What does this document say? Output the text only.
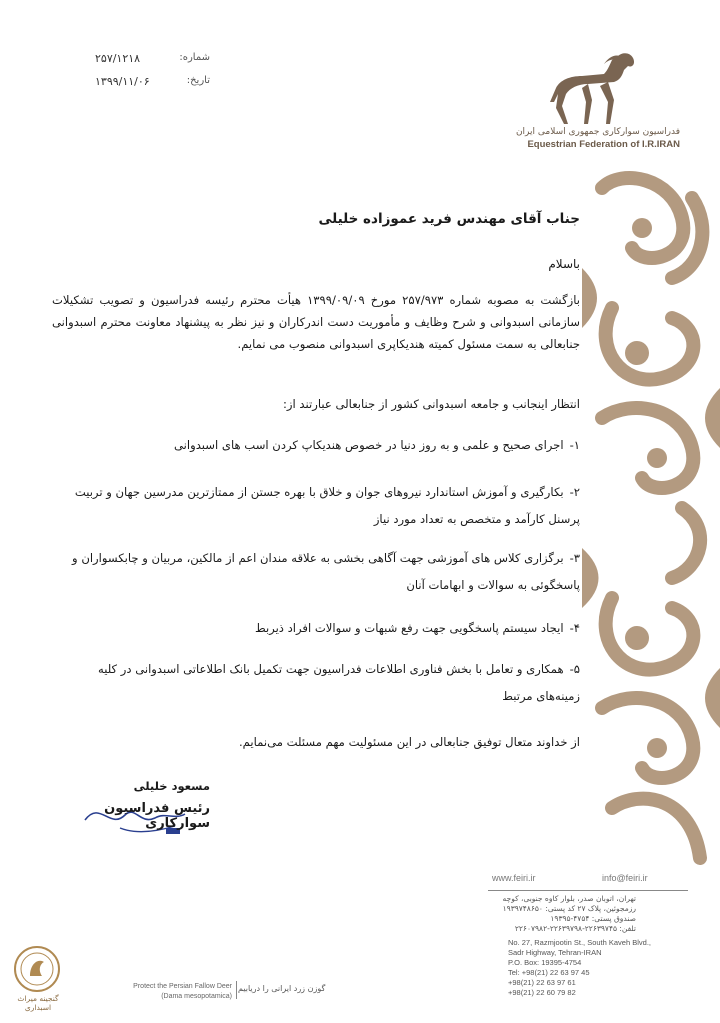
۲۵۷/۱۲۱۸	شماره:
۱۳۹۹/۱۱/۰۶	تاریخ:
فدراسیون سوارکاری جمهوری اسلامی ایران
Equestrian Federation of I.R.IRAN
جناب آقای مهندس فرید عموزاده خلیلی
باسلام
بازگشت به مصوبه شماره ۲۵۷/۹۷۳ مورخ ۱۳۹۹/۰۹/۰۹ هیأت محترم رئیسه فدراسیون و تصویب تشکیلات سازمانی اسبدوانی و شرح وظایف و مأموریت دست اندرکاران و نیز نظر به پیشنهاد معاونت محترم اسبدوانی جنابعالی به سمت مسئول کمیته هندیکاپری اسبدوانی منصوب می نمایم.
انتظار اینجانب و جامعه اسبدوانی کشور از جنابعالی عبارتند از:
۱-اجرای صحیح و علمی و به روز دنیا در خصوص هندیکاپ کردن اسب های اسبدوانی
۲-بکارگیری و آموزش استاندارد نیروهای جوان و خلاق با بهره جستن از ممتازترین مدرسین جهان و تربیت پرسنل کارآمد و متخصص به تعداد مورد نیاز
۳-برگزاری کلاس های آموزشی جهت آگاهی بخشی به علاقه مندان اعم از مالکین، مربیان و چابکسواران و پاسخگوئی به سوالات و ابهامات آنان
۴-ایجاد سیستم پاسخگویی جهت رفع شبهات و سوالات افراد ذیربط
۵-همکاری و تعامل با بخش فناوری اطلاعات فدراسیون جهت تکمیل بانک اطلاعاتی اسبدوانی در کلیه زمینه‌های مرتبط
از خداوند متعال توفیق جنابعالی در این مسئولیت مهم مسئلت می‌نمایم.
مسعود خلیلی
رئیس فدراسیون سوارکاری
info@feiri.ir
www.feiri.ir
تهران، اتوبان صدر، بلوار کاوه جنوبی، کوچه
رزمجوئین، پلاک ۲۷ کد پستی: ۱۹۳۹۷۴۸۶۵۰
صندوق پستی: ۴۷۵۴-۱۹۳۹۵
تلفن: ۲۲۶۳۹۷۴۵-۲۲۶۳۹۷۹۸-۲۲۶۰۷۹۸۲
No. 27, Razmjootin St., South Kaveh Blvd.,
Sadr Highway, Tehran-IRAN
P.O. Box: 19395-4754
Tel: +98(21) 22 63 97 45
+98(21) 22 63 97 61
+98(21) 22 60 79 82
گنجینه میراث اسبداری
Protect the Persian Fallow Deer
(Dama mesopotamica)
گوزن زرد ایرانی را دریابیم
